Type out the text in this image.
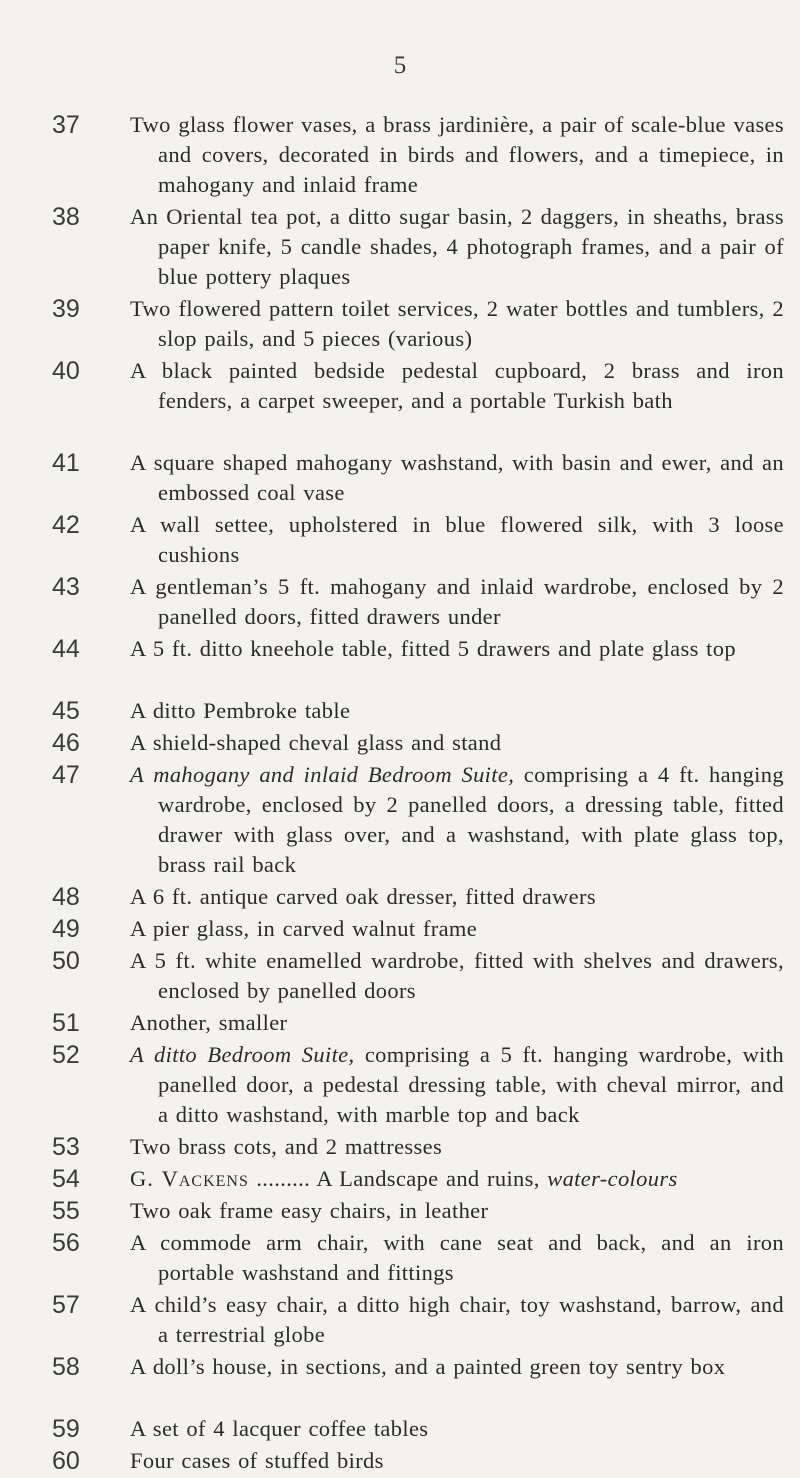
5
37	Two glass flower vases, a brass jardinière, a pair of scale-blue vases and covers, decorated in birds and flowers, and a timepiece, in mahogany and inlaid frame
38	An Oriental tea pot, a ditto sugar basin, 2 daggers, in sheaths, brass paper knife, 5 candle shades, 4 photograph frames, and a pair of blue pottery plaques
39	Two flowered pattern toilet services, 2 water bottles and tumblers, 2 slop pails, and 5 pieces (various)
40	A black painted bedside pedestal cupboard, 2 brass and iron fenders, a carpet sweeper, and a portable Turkish bath
41	A square shaped mahogany washstand, with basin and ewer, and an embossed coal vase
42	A wall settee, upholstered in blue flowered silk, with 3 loose cushions
43	A gentleman’s 5 ft. mahogany and inlaid wardrobe, enclosed by 2 panelled doors, fitted drawers under
44	A 5 ft. ditto kneehole table, fitted 5 drawers and plate glass top
45	A ditto Pembroke table
46	A shield-shaped cheval glass and stand
47	A mahogany and inlaid Bedroom Suite, comprising a 4 ft. hanging wardrobe, enclosed by 2 panelled doors, a dressing table, fitted drawer with glass over, and a washstand, with plate glass top, brass rail back
48	A 6 ft. antique carved oak dresser, fitted drawers
49	A pier glass, in carved walnut frame
50	A 5 ft. white enamelled wardrobe, fitted with shelves and drawers, enclosed by panelled doors
51	Another, smaller
52	A ditto Bedroom Suite, comprising a 5 ft. hanging wardrobe, with panelled door, a pedestal dressing table, with cheval mirror, and a ditto washstand, with marble top and back
53	Two brass cots, and 2 mattresses
54	G. Vackens ......... A Landscape and ruins, water-colours
55	Two oak frame easy chairs, in leather
56	A commode arm chair, with cane seat and back, and an iron portable washstand and fittings
57	A child’s easy chair, a ditto high chair, toy washstand, barrow, and a terrestrial globe
58	A doll’s house, in sections, and a painted green toy sentry box
59	A set of 4 lacquer coffee tables
60	Four cases of stuffed birds
